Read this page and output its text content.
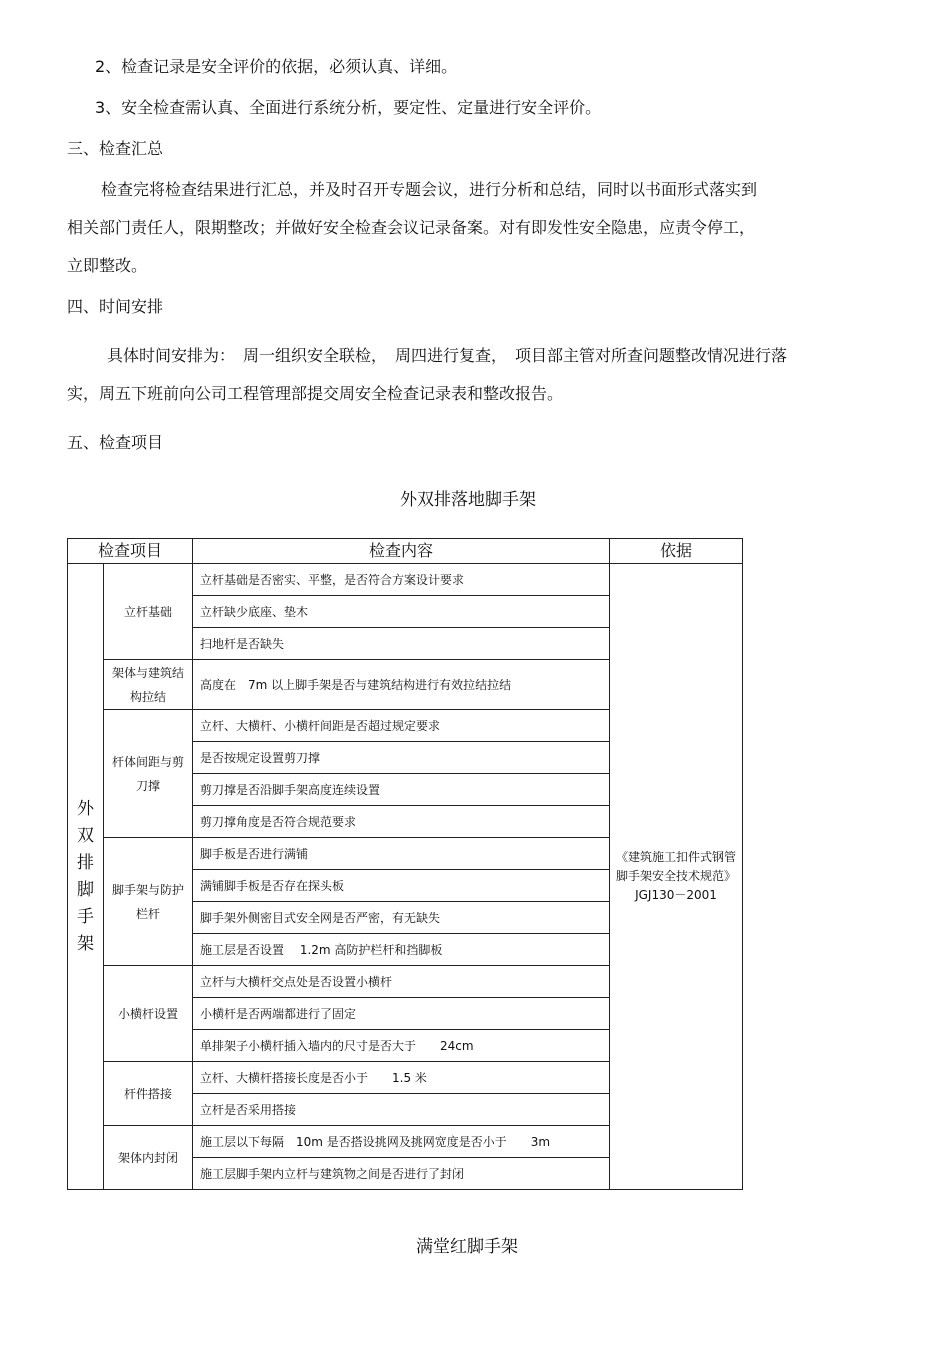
2、检查记录是安全评价的依据，必须认真、详细。
3、安全检查需认真、全面进行系统分析，要定性、定量进行安全评价。
三、检查汇总
检查完将检查结果进行汇总，并及时召开专题会议，进行分析和总结，同时以书面形式落实到
相关部门责任人，限期整改；并做好安全检查会议记录备案。对有即发性安全隐患，应责令停工，
立即整改。
四、时间安排
具体时间安排为：　周一组织安全联检，　周四进行复查，　项目部主管对所查问题整改情况进行落
实，周五下班前向公司工程管理部提交周安全检查记录表和整改报告。
五、检查项目
外双排落地脚手架
检查项目		检查内容	依据
外双排脚手架	立杆基础	立杆基础是否密实、平整，是否符合方案设计要求	《建筑施工扣件式钢管脚手架安全技术规范》 JGJ130－2001
		立杆缺少底座、垫木	
		扫地杆是否缺失	
	架体与建筑结构拉结	高度在　7m 以上脚手架是否与建筑结构进行有效拉结拉结	
	杆体间距与剪刀撑	立杆、大横杆、小横杆间距是否超过规定要求	
		是否按规定设置剪刀撑	
		剪刀撑是否沿脚手架高度连续设置	
		剪刀撑角度是否符合规范要求	
	脚手架与防护栏杆	脚手板是否进行满铺	
		满铺脚手板是否存在探头板	
		脚手架外侧密目式安全网是否严密，有无缺失	
		施工层是否设置　 1.2m 高防护栏杆和挡脚板	
	小横杆设置	立杆与大横杆交点处是否设置小横杆	
		小横杆是否两端都进行了固定	
		单排架子小横杆插入墙内的尺寸是否大于　　24cm	
	杆件搭接	立杆、大横杆搭接长度是否小于　　1.5 米	
		立杆是否采用搭接	
	架体内封闭	施工层以下每隔　10m 是否搭设挑网及挑网宽度是否小于　　3m	
		施工层脚手架内立杆与建筑物之间是否进行了封闭	
满堂红脚手架
